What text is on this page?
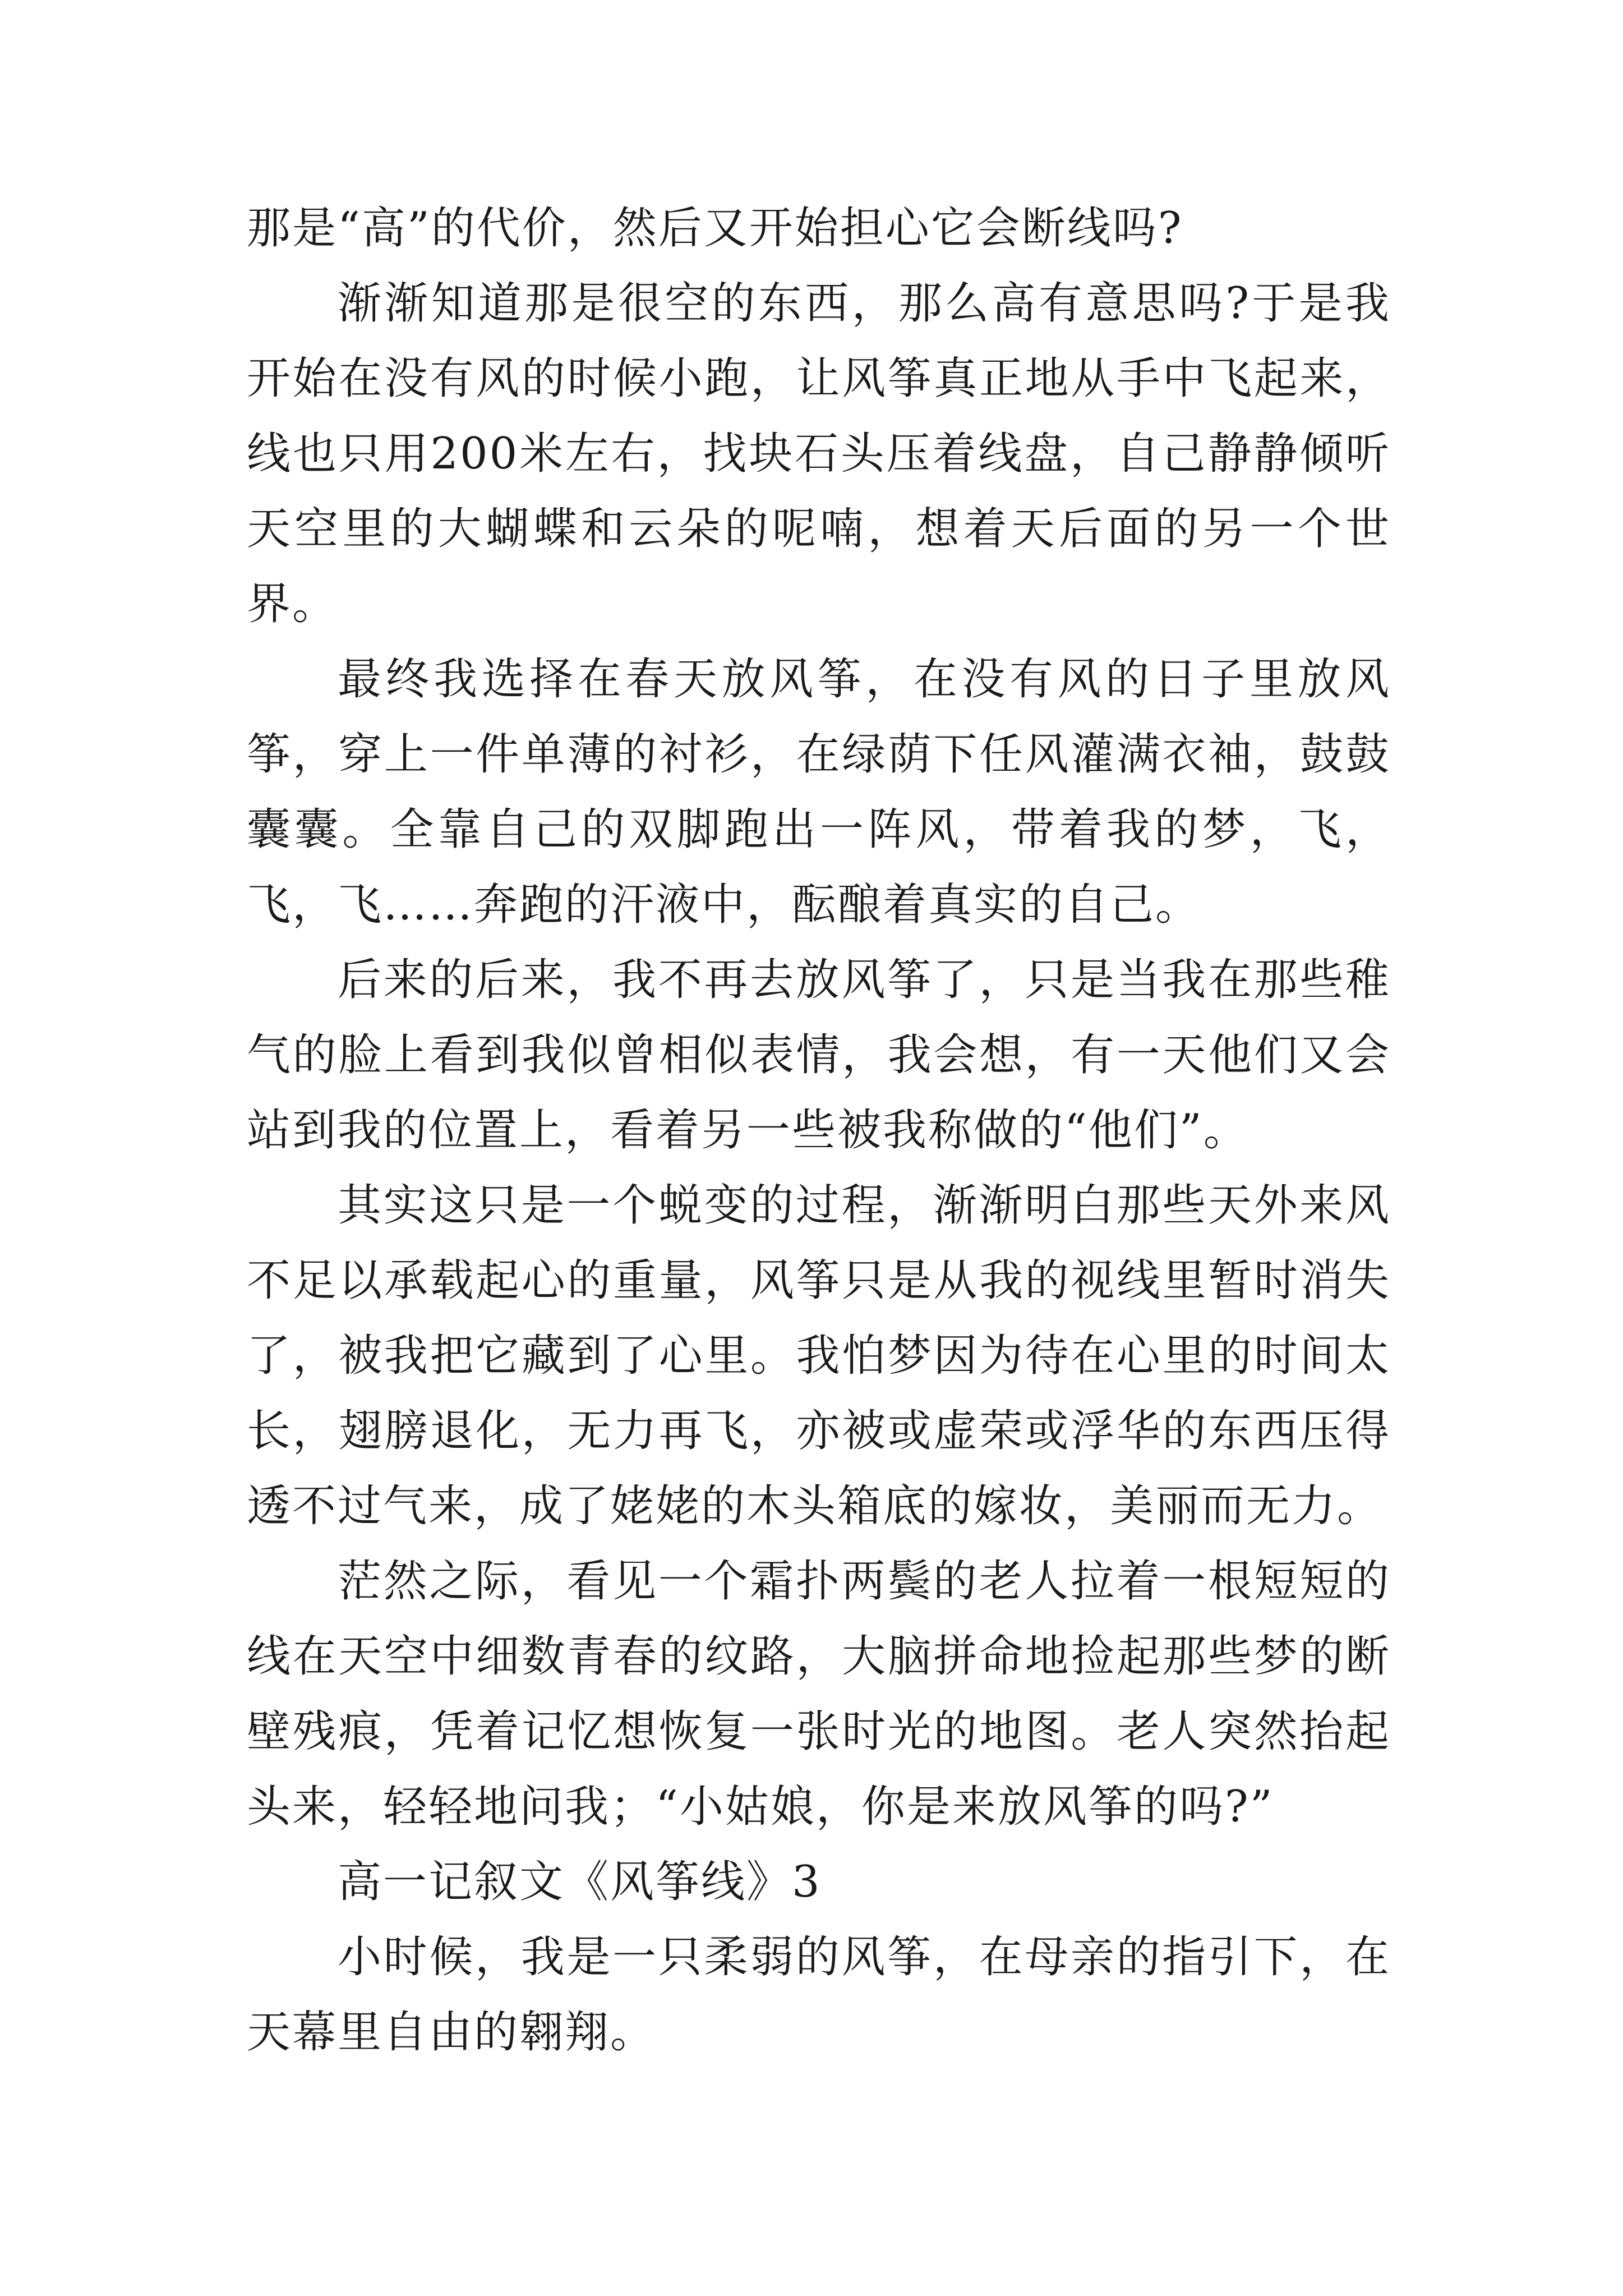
那是“高”的代价，然后又开始担心它会断线吗?

渐渐知道那是很空的东西，那么高有意思吗?于是我开始在没有风的时候小跑，让风筝真正地从手中飞起来，线也只用200米左右，找块石头压着线盘，自己静静倾听天空里的大蝴蝶和云朵的呢喃，想着天后面的另一个世界。

最终我选择在春天放风筝，在没有风的日子里放风筝，穿上一件单薄的衬衫，在绿荫下任风灌满衣袖，鼓鼓囊囊。全靠自己的双脚跑出一阵风，带着我的梦，飞，飞，飞……奔跑的汗液中，酝酿着真实的自己。

后来的后来，我不再去放风筝了，只是当我在那些稚气的脸上看到我似曾相似表情，我会想，有一天他们又会站到我的位置上，看着另一些被我称做的“他们”。

其实这只是一个蜕变的过程，渐渐明白那些天外来风不足以承载起心的重量，风筝只是从我的视线里暂时消失了，被我把它藏到了心里。我怕梦因为待在心里的时间太长，翅膀退化，无力再飞，亦被或虚荣或浮华的东西压得透不过气来，成了姥姥的木头箱底的嫁妆，美丽而无力。

茫然之际，看见一个霜扑两鬓的老人拉着一根短短的线在天空中细数青春的纹路，大脑拼命地捡起那些梦的断壁残痕，凭着记忆想恢复一张时光的地图。老人突然抬起头来，轻轻地问我；“小姑娘，你是来放风筝的吗?”

高一记叙文《风筝线》3

小时候，我是一只柔弱的风筝，在母亲的指引下，在天幕里自由的翱翔。
